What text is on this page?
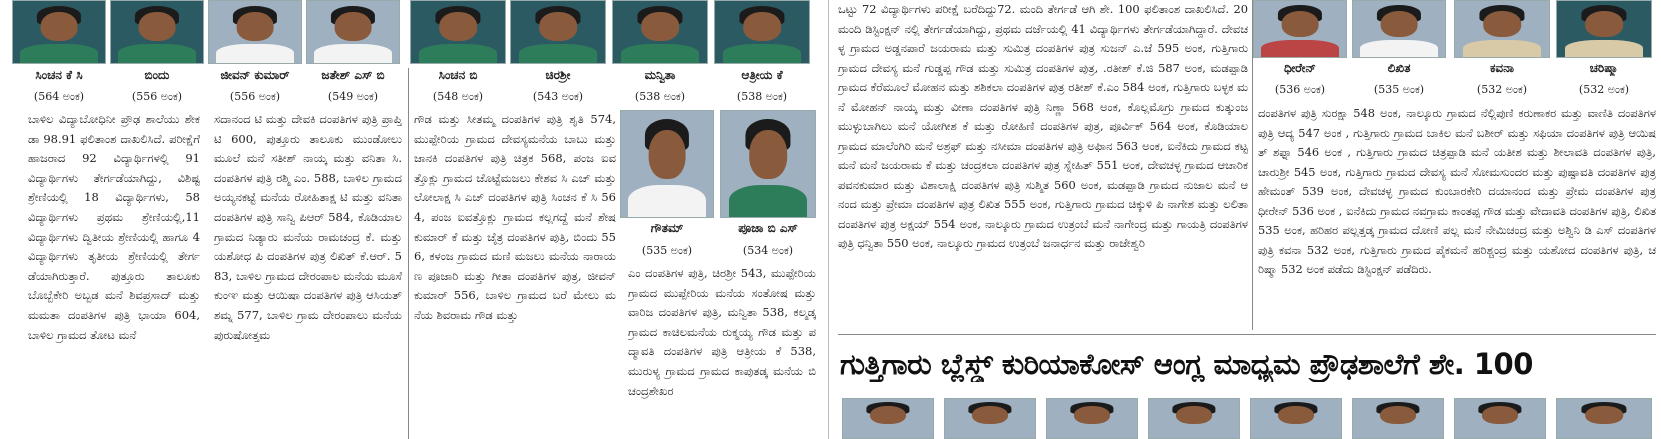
ಸಿಂಚನ ಕೆ ಸಿ	ಬಿಂದು	ಜೀವನ್ ಕುಮಾರ್	ಜತೇಶ್ ಎಸ್ ಬಿ	ಸಿಂಚನ ಬಿ	ಚಿರಶ್ರೀ	ಮನ್ವಿತಾ	ಆತ್ರೀಯ ಕೆ
(564 ಅಂಕ)	(556 ಅಂಕ)	(556 ಅಂಕ)	(549 ಅಂಕ)	(548 ಅಂಕ)	(543 ಅಂಕ)	(538 ಅಂಕ)	(538 ಅಂಕ)
ಬಾಳಿಲ ವಿದ್ಯಾಬೋಧಿನೀ ಪ್ರೌಢ ಶಾಲೆಯು ಶೇಕಡಾ 98.91 ಫಲಿತಾಂಶ ದಾಖಲಿಸಿದೆ. ಪರೀಕ್ಷೆಗೆ ಹಾಜರಾದ 92 ವಿದ್ಯಾರ್ಥಿಗಳಲ್ಲಿ 91ವಿದ್ಯಾರ್ಥಿಗಳು ತೇರ್ಗಡೆಯಾಗಿದ್ದು, ವಿಶಿಷ್ಟ ಶ್ರೇಣಿಯಲ್ಲಿ 18 ವಿದ್ಯಾರ್ಥಿಗಳು, 58 ವಿದ್ಯಾರ್ಥಿಗಳು ಪ್ರಥಮ ಶ್ರೇಣಿಯಲ್ಲಿ,11 ವಿದ್ಯಾರ್ಥಿಗಳು ದ್ವಿತೀಯ ಶ್ರೇಣಿಯಲ್ಲಿ ಹಾಗೂ 4 ವಿದ್ಯಾರ್ಥಿಗಳು ತೃತೀಯ ಶ್ರೇಣಿಯಲ್ಲಿ ತೇರ್ಗಡೆಯಾಗಿರುತ್ತಾರೆ. ಪುತ್ತೂರು ತಾಲೂಕು ಬೊಬ್ಬೆಕೇರಿ ಅಬ್ಬಡ ಮನೆ ಶಿವಪ್ರಸಾದ್ ಮತ್ತು ಮಮತಾ ದಂಪತಿಗಳ ಪುತ್ರಿ ಭಾಯಾ 604, ಬಾಳಿಲ ಗ್ರಾಮದ ತೋಟ ಮನೆ
ಸದಾನಂದ ಟಿ ಮತ್ತು ದೇವಕಿ ದಂಪತಿಗಳ ಪುತ್ರಿ ಪ್ರಾಪ್ತಿ ಟಿ 600, ಪುತ್ತೂರು ತಾಲೂಕು ಮುಂಡೋಲು ಮೂಲೆ ಮನೆ ಸತೀಶ್ ನಾಯ್ಕ ಮತ್ತು ವನಿತಾ ಸಿ. ದಂಪತಿಗಳ ಪುತ್ರಿ ರಶ್ಮಿ ಎಂ. 588, ಬಾಳಿಲ ಗ್ರಾಮದ ಅಯ್ಯನಕಟ್ಟೆ ಮನೆಯ ರೋಹಿತಾಕ್ಷ ಟಿ ಮತ್ತು ವನಿತಾ ದಂಪತಿಗಳ ಪುತ್ರಿ ಸಾನ್ವಿ ಪಿಆರ್ 584, ಕೊಡಿಯಾಲ ಗ್ರಾಮದ ನಿಡ್ಯಾರು ಮನೆಯ ರಾಮಚಂದ್ರ ಕೆ. ಮತ್ತು ಯಶೋಧ ಪಿ ದಂಪತಿಗಳ ಪುತ್ರ ಲಿಖಿತ್ ಕೆ.ಆರ್. 583, ಬಾಳಿಲ ಗ್ರಾಮದ ದೇರಂಪಾಲ ಮನೆಯ ಮೂಸೆ ಕುಂಞ ಮತ್ತು ಆಯಿಷಾ ದಂಪತಿಗಳ ಪುತ್ರಿ ಆಸಿಯತ್ ಶಮ್ನ 577, ಬಾಳಿಲ ಗ್ರಾಮ ದೇರಂಪಾಲು ಮನೆಯ ಪುರುಷೋತ್ತಮ
ಗೌಡ ಮತ್ತು ಸೀತಮ್ಮ ದಂಪತಿಗಳ ಪುತ್ರಿ ಶೃತಿ 574, ಮುಪ್ಪೇರಿಯ ಗ್ರಾಮದ ದೇವಸ್ಯಮನೆಯ ಬಾಬು ಮತ್ತು ಜಾನಕಿ ದಂಪತಿಗಳ ಪುತ್ರಿ ಚಿತ್ರಕ 568, ಪಂಜ ಐವತ್ತೊಕ್ಲು ಗ್ರಾಮದ ಚೊಟ್ಟೆಮಜಲು ಕೇಶವ ಸಿ ಎಚ್ ಮತ್ತು ಲೋಲಾಕ್ಷ ಸಿ ಎಚ್ ದಂಪತಿಗಳ ಪುತ್ರಿ ಸಿಂಚನ ಕೆ ಸಿ 564, ಪಂಜ ಐವತ್ತೊಕ್ಲು ಗ್ರಾಮದ ಕಲ್ಲಗದ್ದೆ ಮನೆ ಶೇಷಕುಮಾರ್ ಕೆ ಮತ್ತು ಚೈತ್ರ ದಂಪತಿಗಳ ಪುತ್ರಿ, ಬಿಂದು 556, ಕಳಂಜ ಗ್ರಾಮದ ಮಣಿ ಮಜಲು ಮನೆಯ ನಾರಾಯಣ ಪೂಜಾರಿ ಮತ್ತು ಗೀತಾ ದಂಪತಿಗಳ ಪುತ್ರ, ಜೀವನ್ ಕುಮಾರ್ 556, ಬಾಳಿಲ ಗ್ರಾಮದ ಬರೆ ಮೇಲು ಮನೆಯ ಶಿವರಾಮ ಗೌಡ ಮತ್ತು
ಗೌತಮ್	ಪೂಜಾ ಬಿ ಎಸ್
(535 ಅಂಕ)	(534 ಅಂಕ)
ಎಂ ದಂಪತಿಗಳ ಪುತ್ರಿ, ಚಿರಶ್ರೀ 543, ಮುಪ್ಪೇರಿಯ ಗ್ರಾಮದ ಮುಪ್ಪೇರಿಯ ಮನೆಯ ಸಂತೋಷ ಮತ್ತು ವಾರಿಜ ದಂಪತಿಗಳ ಪುತ್ರಿ, ಮನ್ವಿತಾ 538, ಕಲ್ಮಡ್ಕ ಗ್ರಾಮದ ಕಾಚಿಲಮನೆಯ ರುಕ್ಮಯ್ಯ ಗೌಡ ಮತ್ತು ಪದ್ಮಾವತಿ ದಂಪತಿಗಳ ಪುತ್ರಿ ಆತ್ರೀಯ ಕೆ 538, ಮುರುಳ್ಯ ಗ್ರಾಮದ ಗ್ರಾಮದ ಕಾಪುತಡ್ಕ ಮನೆಯ ಬಿ ಚಂದ್ರಶೇಖರ
ಒಟ್ಟು 72 ವಿದ್ಯಾರ್ಥಿಗಳು ಪರೀಕ್ಷೆ ಬರೆದಿದ್ದು72. ಮಂದಿ ತೇರ್ಗಡೆ ಆಗಿ ಶೇ. 100 ಫಲಿತಾಂಶ ದಾಖಲಿಸಿದೆ. 20 ಮಂದಿ ಡಿಸ್ಟಿಂಕ್ಷನ್ ನಲ್ಲಿ ತೇರ್ಗಡೆಯಾಗಿದ್ದು, ಪ್ರಥಮ ದರ್ಜೆಯಲ್ಲಿ 41 ವಿದ್ಯಾರ್ಥಿಗಳು ತೇರ್ಗಡೆಯಾಗಿದ್ದಾರೆ. ದೇವಚಳ್ಳ ಗ್ರಾಮದ ಅಡ್ಡನಪಾರೆ ಜಯರಾಮ ಮತ್ತು ಸುಮಿತ್ರ ದಂಪತಿಗಳ ಪುತ್ರ ಸುಜನ್ ಎ.ಜೆ 595 ಅಂಕ, ಗುತ್ತಿಗಾರು ಗ್ರಾಮದ ದೇವಸ್ಯ ಮನೆ ಗುಡ್ಡಪ್ಪ ಗೌಡ ಮತ್ತು ಸುಮಿತ್ರ ದಂಪತಿಗಳ ಪುತ್ರ, .ರತೀಶ್ ಕೆ.ಜಿ 587 ಅಂಕ, ಮಡಪ್ಪಾಡಿ ಗ್ರಾಮದ ಕೆರೆಮೂಲೆ ಮೋಹನ ಮತ್ತು ಶಶಿಕಲಾ ದಂಪತಿಗಳ ಪುತ್ರ ರತೀಶ್ ಕೆ.ಎಂ 584 ಅಂಕ, ಗುತ್ತಿಗಾರು ಬಳ್ಳಕ ಮನೆ ಮೋಹನ್ ನಾಯ್ಕ ಮತ್ತು ವೀಣಾ ದಂಪತಿಗಳ ಪುತ್ರಿ ನಿಣ್ಣಾ 568 ಅಂಕ, ಕೊಲ್ಲಮೊಗ್ರು ಗ್ರಾಮದ ಕುತ್ಕುಂಜ ಮುಳ್ಳುಬಾಗಿಲು ಮನೆ ಯೋಗೀಶ ಕೆ ಮತ್ತು ರೋಹಿಣಿ ದಂಪತಿಗಳ ಪುತ್ರ, ಪೂರ್ವಿಕ್ 564 ಅಂಕ, ಕೊಡಿಯಾಲ ಗ್ರಾಮದ ಮಾಲೆಂಗಿರಿ ಮನೆ ಅಶ್ರಫ್ ಮತ್ತು ನಸೀಮಾ ದಂಪತಿಗಳ ಪುತ್ರಿ ಅಫಿಾನ 563 ಅಂಕ, ಐನೆಕಿದು ಗ್ರಾಮದ ಕಟ್ಟಮನೆ ಮನೆ ಜಯರಾಮ ಕೆ ಮತ್ತು ಚಂದ್ರಕಲಾ ದಂಪತಿಗಳ ಪುತ್ರ ಸ್ನೇಹಿತ್ 551 ಅಂಕ, ದೇವಚಳ್ಳ ಗ್ರಾಮದ ಆಚಾರಿಕ ಪವನಕುಮಾರ ಮತ್ತು ವಿಶಾಲಾಕ್ಷಿ ದಂಪತಿಗಳ ಪುತ್ರಿ ಸುಶ್ಮಿತ 560 ಅಂಕ, ಮಡಪ್ಪಾಡಿ ಗ್ರಾಮದ ನುಜಾಲ ಮನೆ ಆನಂದ ಮತ್ತು ಪ್ರೇಮಾ ದಂಪತಿಗಳ ಪುತ್ರ ಲಿಖಿತ 555 ಅಂಕ, ಗುತ್ತಿಗಾರು ಗ್ರಾಮದ ಚಿಕ್ಕುಳಿ ಪಿ ನಾಗೇಶ ಮತ್ತು ಲಲಿತಾ ದಂಪತಿಗಳ ಪುತ್ರ ಅಕ್ಷಯ್ 554 ಅಂಕ, ನಾಲ್ಕೂರು ಗ್ರಾಮದ ಉತ್ರಂಬೆ ಮನೆ ನಾಗೇಂದ್ರ ಮತ್ತು ಗಾಯತ್ರಿ ದಂಪತಿಗಳ ಪುತ್ರಿ ಧನ್ವಿತಾ 550 ಅಂಕ, ನಾಲ್ಕೂರು ಗ್ರಾಮದ ಉತ್ರಂಬೆ ಜನಾರ್ಧನ ಮತ್ತು ರಾಜೇಶ್ವರಿ
ಧೀರೇನ್	ಲಿಖಿತ	ಕವನಾ	ಚರಿಷ್ಮಾ
(536 ಅಂಕ)	(535 ಅಂಕ)	(532 ಅಂಕ)	(532 ಅಂಕ)
ದಂಪತಿಗಳ ಪುತ್ರಿ ಸುರಕ್ಷಾ 548 ಅಂಕ, ನಾಲ್ಕೂರು ಗ್ರಾಮದ ನೆಲ್ಲಿಪುಣಿ ಕರುಣಾಕರ ಮತ್ತು ವಾಣಿತಿ ದಂಪತಿಗಳ ಪುತ್ರಿ ಆದ್ಯ 547 ಅಂಕ , ಗುತ್ತಿಗಾರು ಗ್ರಾಮದ ಬಾಕಿಲ ಮನೆ ಬಶೀರ್ ಮತ್ತು ಸಫಿಯಾ ದಂಪತಿಗಳ ಪುತ್ರಿ ಆಯಿಷತ್ ಶಫ್ನಾ 546 ಅಂಕ , ಗುತ್ತಿಗಾರು ಗ್ರಾಮದ ಚಿತ್ರಪ್ಪಾಡಿ ಮನೆ ಯತೀಶ ಮತ್ತು ಶೀಲಾವತಿ ದಂಪತಿಗಳ ಪುತ್ರಿ, ಚಾರುಶ್ರೀ 545 ಅಂಕ, ಗುತ್ತಿಗಾರು ಗ್ರಾಮದ ದೇವಸ್ಯ ಮನೆ ಸೋಮಸುಂದರ ಮತ್ತು ಪುಷ್ಪಾವತಿ ದಂಪತಿಗಳ ಪುತ್ರ ಹೇಮಂತ್ 539 ಅಂಕ, ದೇವಚಳ್ಳ ಗ್ರಾಮದ ಕುಂಬಾರಕೇರಿ ದಯಾನಂದ ಮತ್ತು ಪ್ರೇಮ ದಂಪತಿಗಳ ಪುತ್ರ ಧೀರೇನ್ 536 ಅಂಕ , ಐನೆಕಿದು ಗ್ರಾಮದ ನವಗ್ರಾಮ ಕಾಂತಪ್ಪ ಗೌಡ ಮತ್ತು ವೇದಾವತಿ ದಂಪತಿಗಳ ಪುತ್ರಿ, ಲಿಖಿತ 535 ಅಂಕ, ಹರಿಹರ ಪಲ್ಲತ್ತಡ್ಕ ಗ್ರಾಮದ ದೋಣಿ ಪಲ್ಲ ಮನೆ ನೇಮಿಚಂದ್ರ ಮತ್ತು ಅಶ್ವಿನಿ ಡಿ ಎಸ್ ದಂಪತಿಗಳ ಪುತ್ರಿ ಕವನಾ 532 ಅಂಕ, ಗುತ್ತಿಗಾರು ಗ್ರಾಮದ ಪೈಕಮನೆ ಹರಿಶ್ಚಂದ್ರ ಮತ್ತು ಯಶೋದ ದಂಪತಿಗಳ ಪುತ್ರಿ, ಚರಿಷ್ಮಾ 532 ಅಂಕ ಪಡೆದು ಡಿಸ್ಟಿಂಕ್ಷನ್ ಪಡೆದಿರು.
ಗುತ್ತಿಗಾರು ಬ್ಲೆಸ್ಡ್ ಕುರಿಯಾಕೋಸ್ ಆಂಗ್ಲ ಮಾಧ್ಯಮ ಪ್ರೌಢಶಾಲೆಗೆ ಶೇ. 100
